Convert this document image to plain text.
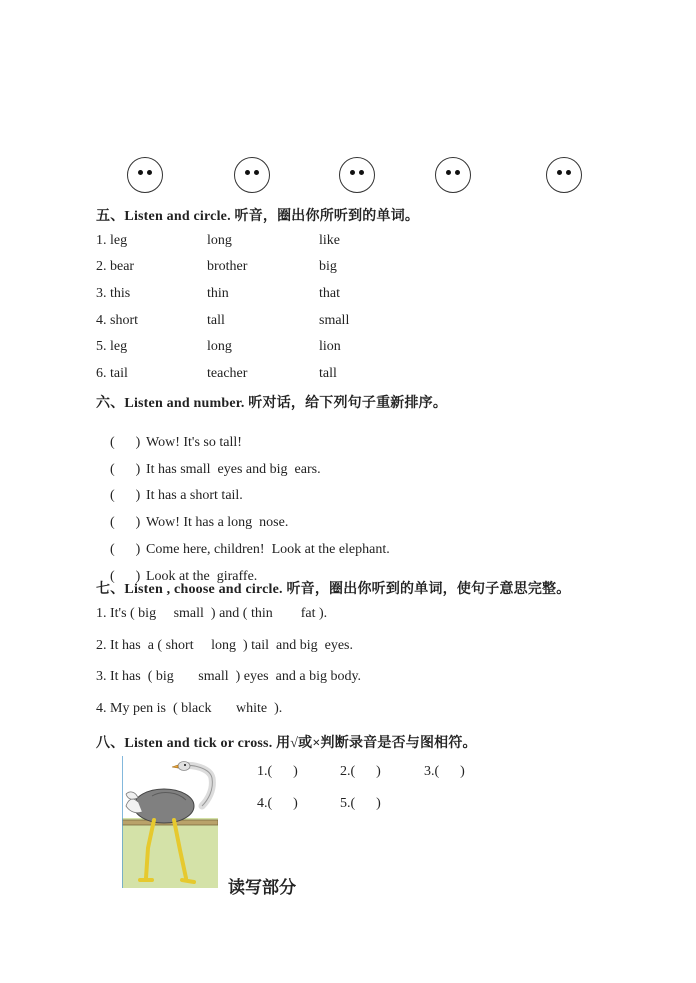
五、Listen and circle. 听音，圈出你所听到的单词。
1. leg	long	like
2. bear	brother	big
3. this	thin	that
4. short	tall	small
5. leg	long	lion
6. tail	teacher	tall
六、Listen and number. 听对话，给下列句子重新排序。

(      ) Wow! It's so tall!

(      ) It has small  eyes and big  ears.

(      ) It has a short tail.

(      ) Wow! It has a long  nose.

(      ) Come here, children!  Look at the elephant.

(      ) Look at the  giraffe.

七、Listen , choose and circle. 听音，圈出你听到的单词，使句子意思完整。
1. It's ( big     small  ) and ( thin        fat ).
2. It has  a ( short     long  ) tail  and big  eyes.
3. It has  ( big       small  ) eyes  and a big body.
4. My pen is  ( black       white  ).
八、Listen and tick or cross. 用√或×判断录音是否与图相符。
1.(      )	2.(      )	3.(      )
4.(      )	5.(      )
读写部分
